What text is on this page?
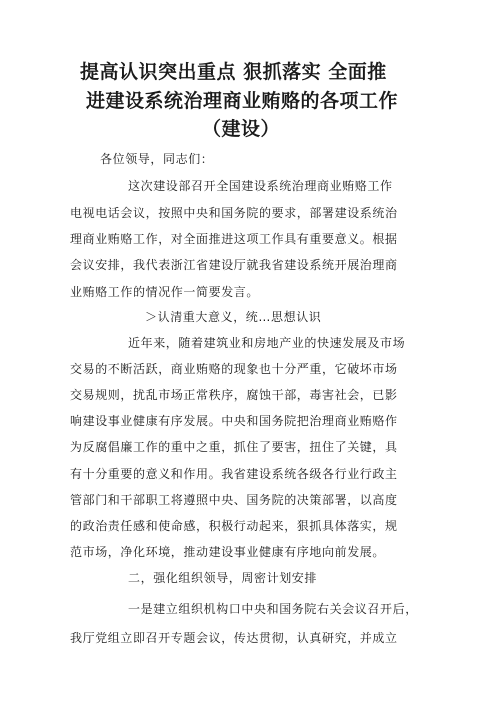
提高认识突出重点 狠抓落实 全面推
进建设系统治理商业贿赂的各项工作
（建设）
各位领导，同志们：
这次建设部召开全国建设系统治理商业贿赂工作
电视电话会议，按照中央和国务院的要求，部署建设系统治
理商业贿赂工作，对全面推进这项工作具有重要意义。根据
会议安排，我代表浙江省建设厅就我省建设系统开展治理商
业贿赂工作的情况作一简要发言。
＞认清重大意义，统…思想认识
近年来，随着建筑业和房地产业的快速发展及市场
交易的不断活跃，商业贿赂的现象也十分严重，它破坏市场
交易规则，扰乱市场正常秩序，腐蚀干部，毒害社会，已影
响建设事业健康有序发展。中央和国务院把治理商业贿赂作
为反腐倡廉工作的重中之重，抓住了要害，扭住了关键，具
有十分重要的意义和作用。我省建设系统各级各行业行政主
管部门和干部职工将遵照中央、国务院的决策部署，以高度
的政治责任感和使命感，积极行动起来，狠抓具体落实，规
范市场，净化环境，推动建设事业健康有序地向前发展。
二，强化组织领导，周密计划安排
一是建立组织机构口中央和国务院右关会议召开后，
我厅党组立即召开专题会议，传达贯彻，认真研究，并成立
